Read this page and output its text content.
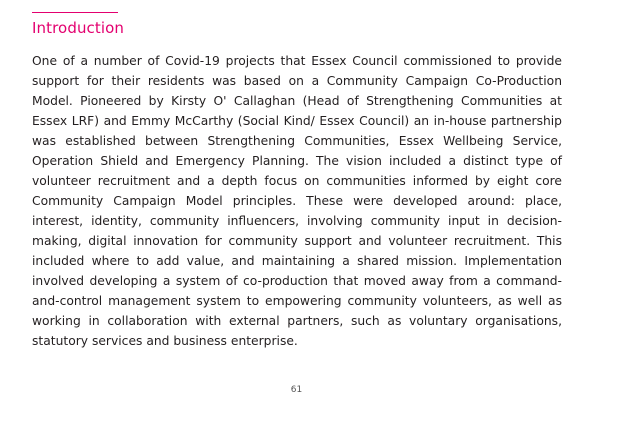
Introduction

One of a number of Covid-19 projects that Essex Council commissioned to provide support for their residents was based on a Community Campaign Co-Production Model. Pioneered by Kirsty O' Callaghan (Head of Strengthening Communities at Essex LRF) and Emmy McCarthy (Social Kind/ Essex Council) an in-house partnership was established between Strengthening Communities, Essex Wellbeing Service, Operation Shield and Emergency Planning. The vision included a distinct type of volunteer recruitment and a depth focus on communities informed by eight core Community Campaign Model principles. These were developed around: place, interest, identity, community influencers, involving community input in decision-making, digital innovation for community support and volunteer recruitment. This included where to add value, and maintaining a shared mission. Implementation involved developing a system of co-production that moved away from a command-and-control management system to empowering community volunteers, as well as working in collaboration with external partners, such as voluntary organisations, statutory services and business enterprise.

61
